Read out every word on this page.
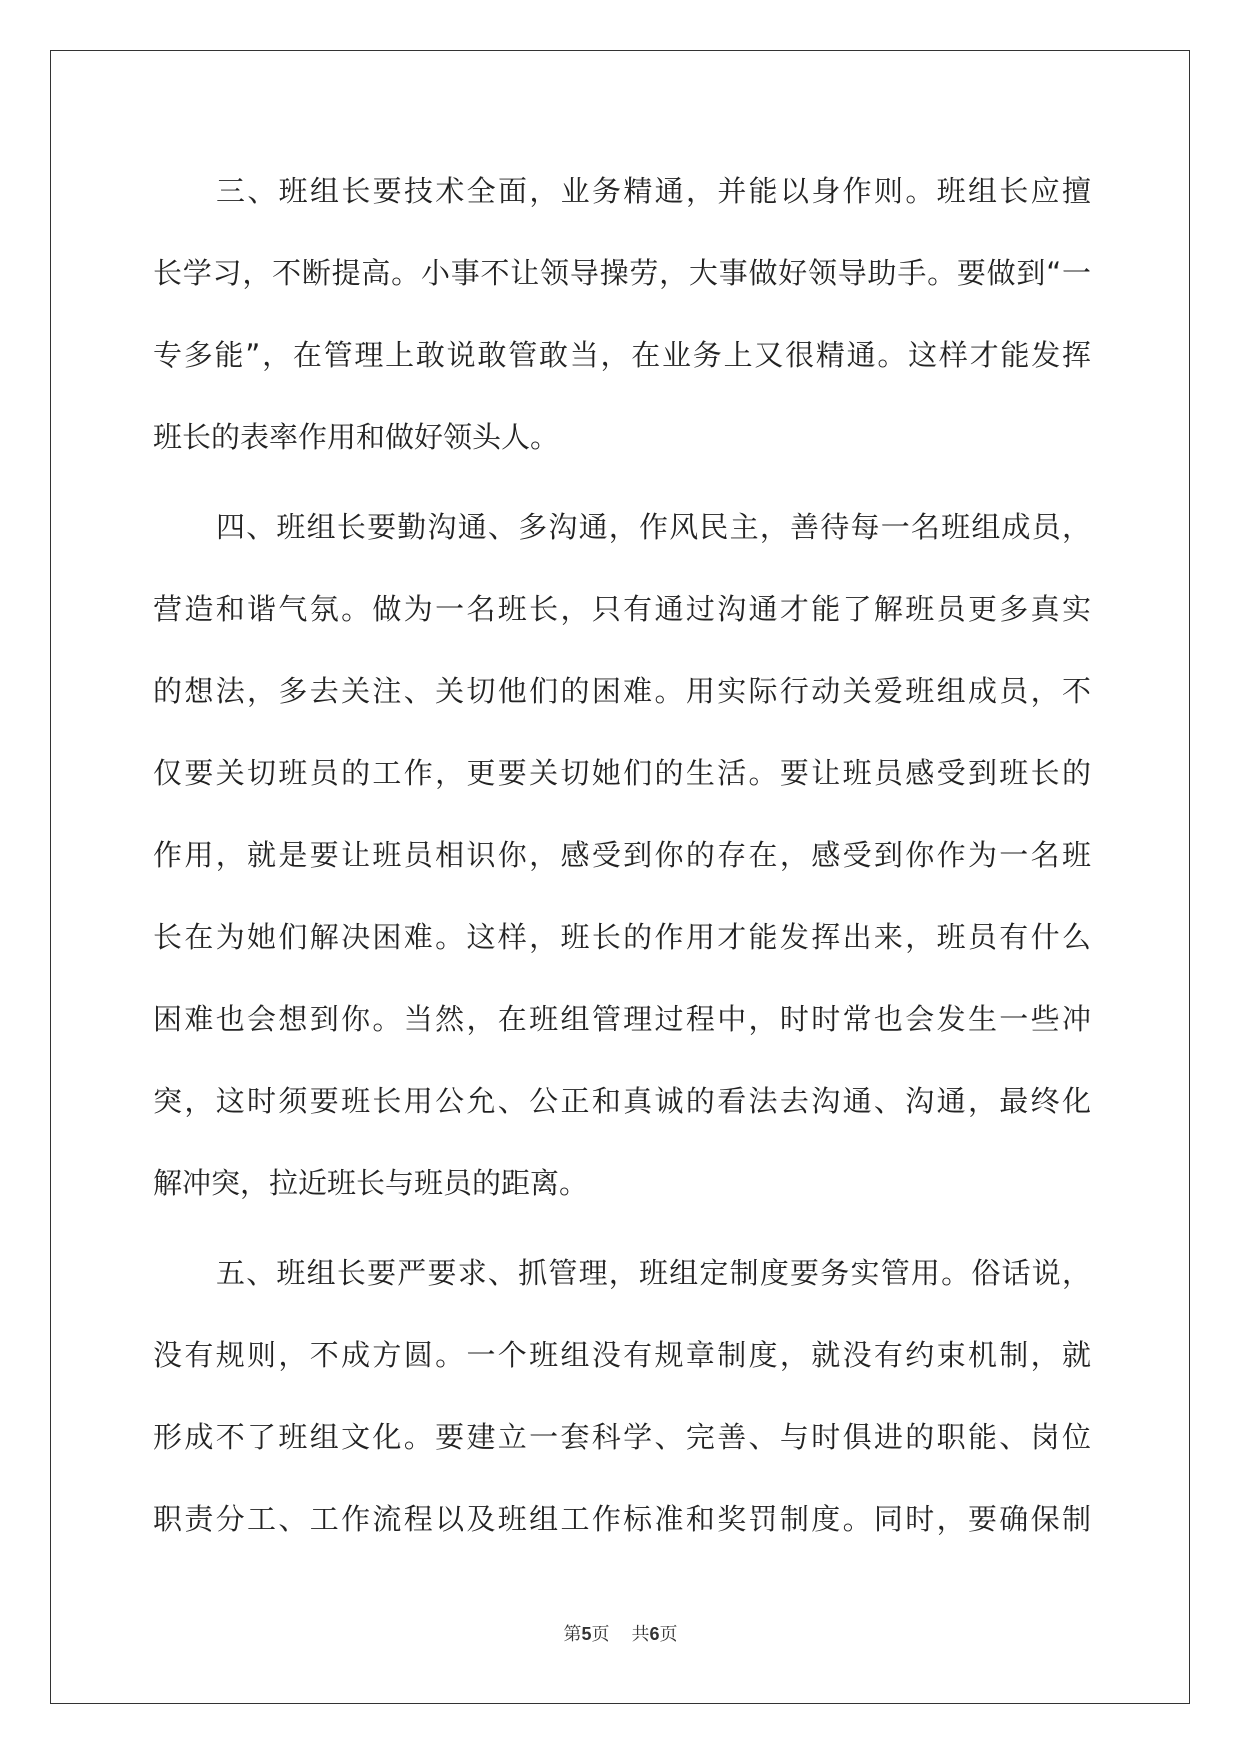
三、班组长要技术全面，业务精通，并能以身作则。班组长应擅
长学习，不断提高。小事不让领导操劳，大事做好领导助手。要做到“一
专多能”，在管理上敢说敢管敢当，在业务上又很精通。这样才能发挥
班长的表率作用和做好领头人。
四、班组长要勤沟通、多沟通，作风民主，善待每一名班组成员，
营造和谐气氛。做为一名班长，只有通过沟通才能了解班员更多真实
的想法，多去关注、关切他们的困难。用实际行动关爱班组成员，不
仅要关切班员的工作，更要关切她们的生活。要让班员感受到班长的
作用，就是要让班员相识你，感受到你的存在，感受到你作为一名班
长在为她们解决困难。这样，班长的作用才能发挥出来，班员有什么
困难也会想到你。当然，在班组管理过程中，时时常也会发生一些冲
突，这时须要班长用公允、公正和真诚的看法去沟通、沟通，最终化
解冲突，拉近班长与班员的距离。
五、班组长要严要求、抓管理，班组定制度要务实管用。俗话说，
没有规则，不成方圆。一个班组没有规章制度，就没有约束机制，就
形成不了班组文化。要建立一套科学、完善、与时俱进的职能、岗位
职责分工、工作流程以及班组工作标准和奖罚制度。同时，要确保制
第5页 共6页
